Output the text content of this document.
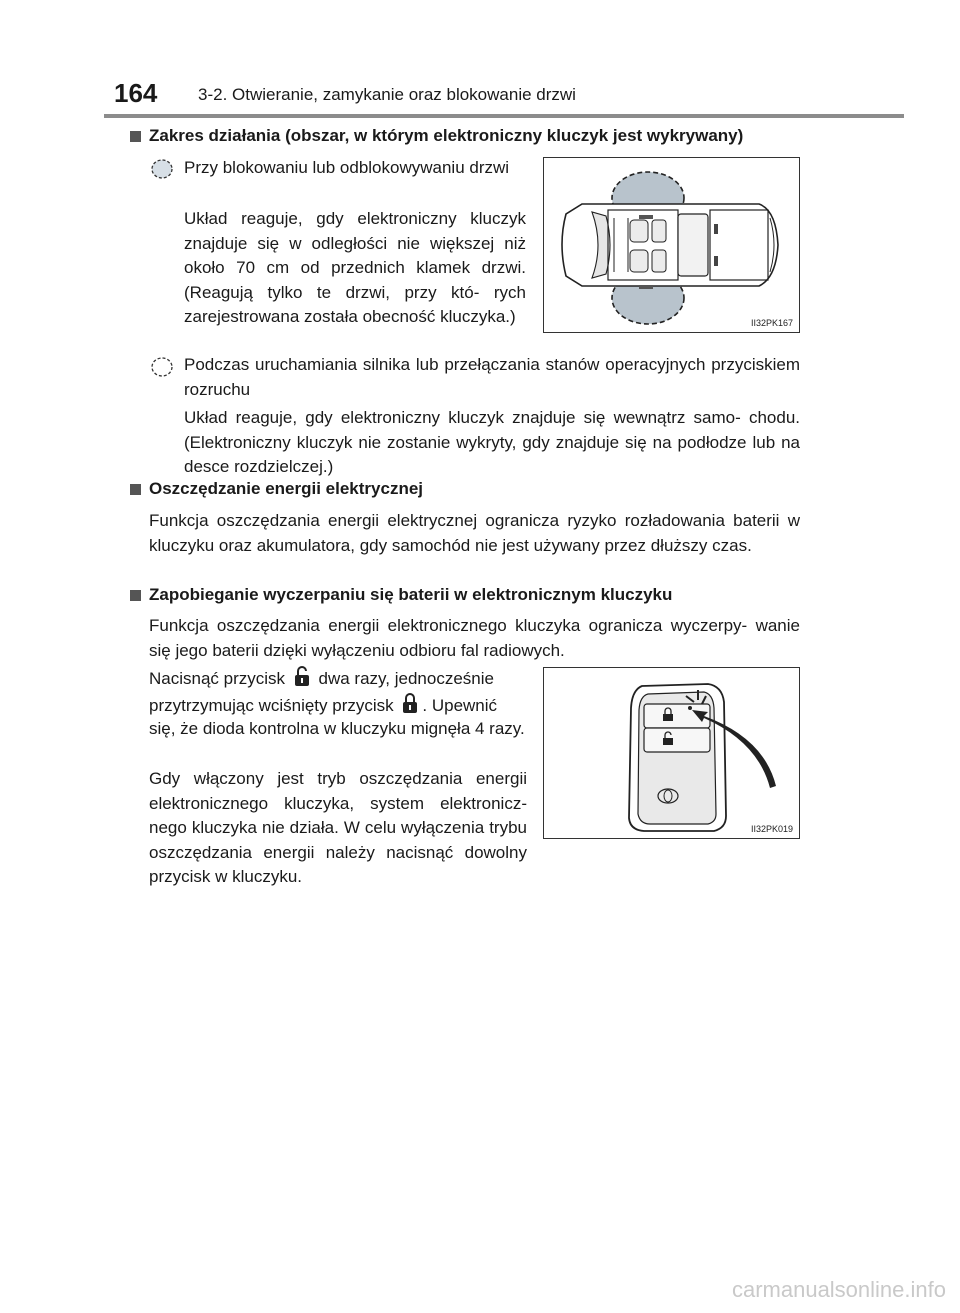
164 3-2. Otwieranie, zamykanie oraz blokowanie drzwi
Zakres działania (obszar, w którym elektroniczny kluczyk jest wykrywany)
Przy blokowaniu lub odblokowywaniu drzwi
Układ reaguje, gdy elektroniczny kluczyk znajduje się w odległości nie większej niż około 70 cm od przednich klamek drzwi. (Reagują tylko te drzwi, przy któ- rych zarejestrowana została obecność kluczyka.)	II32PK167
Podczas uruchamiania silnika lub przełączania stanów operacyjnych przyciskiem rozruchu
Układ reaguje, gdy elektroniczny kluczyk znajduje się wewnątrz samo- chodu. (Elektroniczny kluczyk nie zostanie wykryty, gdy znajduje się na podłodze lub na desce rozdzielczej.)
Oszczędzanie energii elektrycznej
Funkcja oszczędzania energii elektrycznej ogranicza ryzyko rozładowania baterii w kluczyku oraz akumulatora, gdy samochód nie jest używany przez dłuższy czas.
Zapobieganie wyczerpaniu się baterii w elektronicznym kluczyku
Funkcja oszczędzania energii elektronicznego kluczyka ogranicza wyczerpy- wanie się jego baterii dzięki wyłączeniu odbioru fal radiowych.
Nacisnąć przycisk dwa razy, jednocześnie
przytrzymując wciśnięty przycisk . Upewnić
się, że dioda kontrolna w kluczyku mignęła 4 razy.
Gdy włączony jest tryb oszczędzania energii elektronicznego kluczyka, system elektronicz- nego kluczyka nie działa. W celu wyłączenia trybu oszczędzania energii należy nacisnąć dowolny przycisk w kluczyku.
II32PK019
carmanualsonline.info
